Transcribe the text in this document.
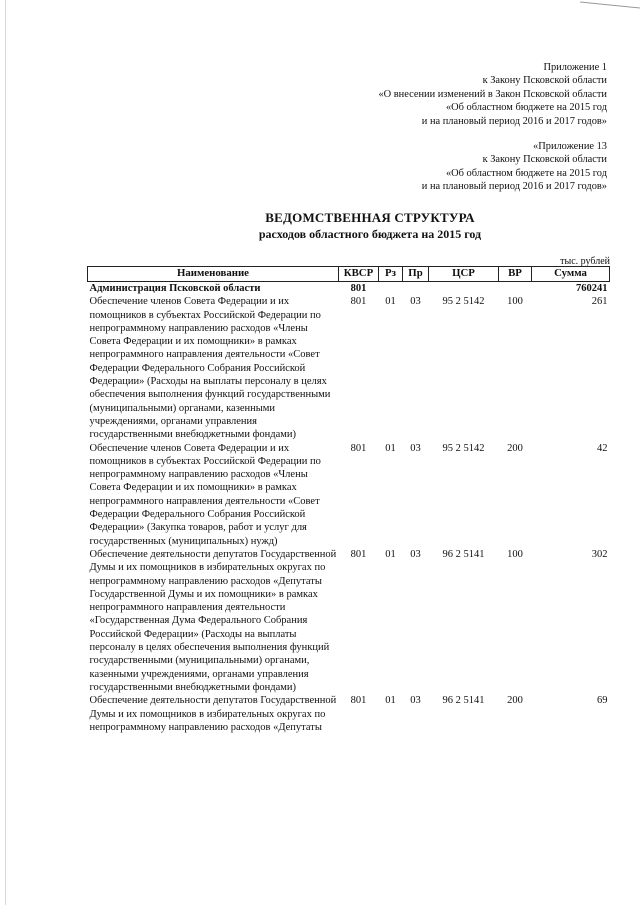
Приложение 1
к Закону Псковской области
«О внесении изменений в Закон Псковской области
«Об областном бюджете на 2015 год
и на плановый период 2016 и 2017 годов»
«Приложение 13
к Закону Псковской области
«Об областном бюджете на 2015 год
и на плановый период 2016 и 2017 годов»
ВЕДОМСТВЕННАЯ СТРУКТУРА
расходов областного бюджета на 2015 год
тыс. рублей
Наименование	КВСР	Рз	Пр	ЦСР	ВР	Сумма
Администрация Псковской области	801					760241
Обеспечение членов Совета Федерации и их помощников в субъектах Российской Федерации по непрограммному направлению расходов «Члены Совета Федерации и их помощники» в рамках непрограммного направления деятельности «Совет Федерации Федерального Собрания Российской Федерации» (Расходы на выплаты персоналу в целях обеспечения выполнения функций государственными (муниципальными) органами, казенными учреждениями, органами управления государственными внебюджетными фондами)	801	01	03	95 2 5142	100	261
Обеспечение членов Совета Федерации и их помощников в субъектах Российской Федерации по непрограммному направлению расходов «Члены Совета Федерации и их помощники» в рамках непрограммного направления деятельности «Совет Федерации Федерального Собрания Российской Федерации» (Закупка товаров, работ и услуг для государственных (муниципальных) нужд)	801	01	03	95 2 5142	200	42
Обеспечение деятельности депутатов Государственной Думы и их помощников в избирательных округах по непрограммному направлению расходов «Депутаты Государственной Думы и их помощники» в рамках непрограммного направления деятельности «Государственная Дума Федерального Собрания Российской Федерации» (Расходы на выплаты персоналу в целях обеспечения выполнения функций государственными (муниципальными) органами, казенными учреждениями, органами управления государственными внебюджетными фондами)	801	01	03	96 2 5141	100	302
Обеспечение деятельности депутатов Государственной Думы и их помощников в избирательных округах по непрограммному направлению расходов «Депутаты	801	01	03	96 2 5141	200	69
